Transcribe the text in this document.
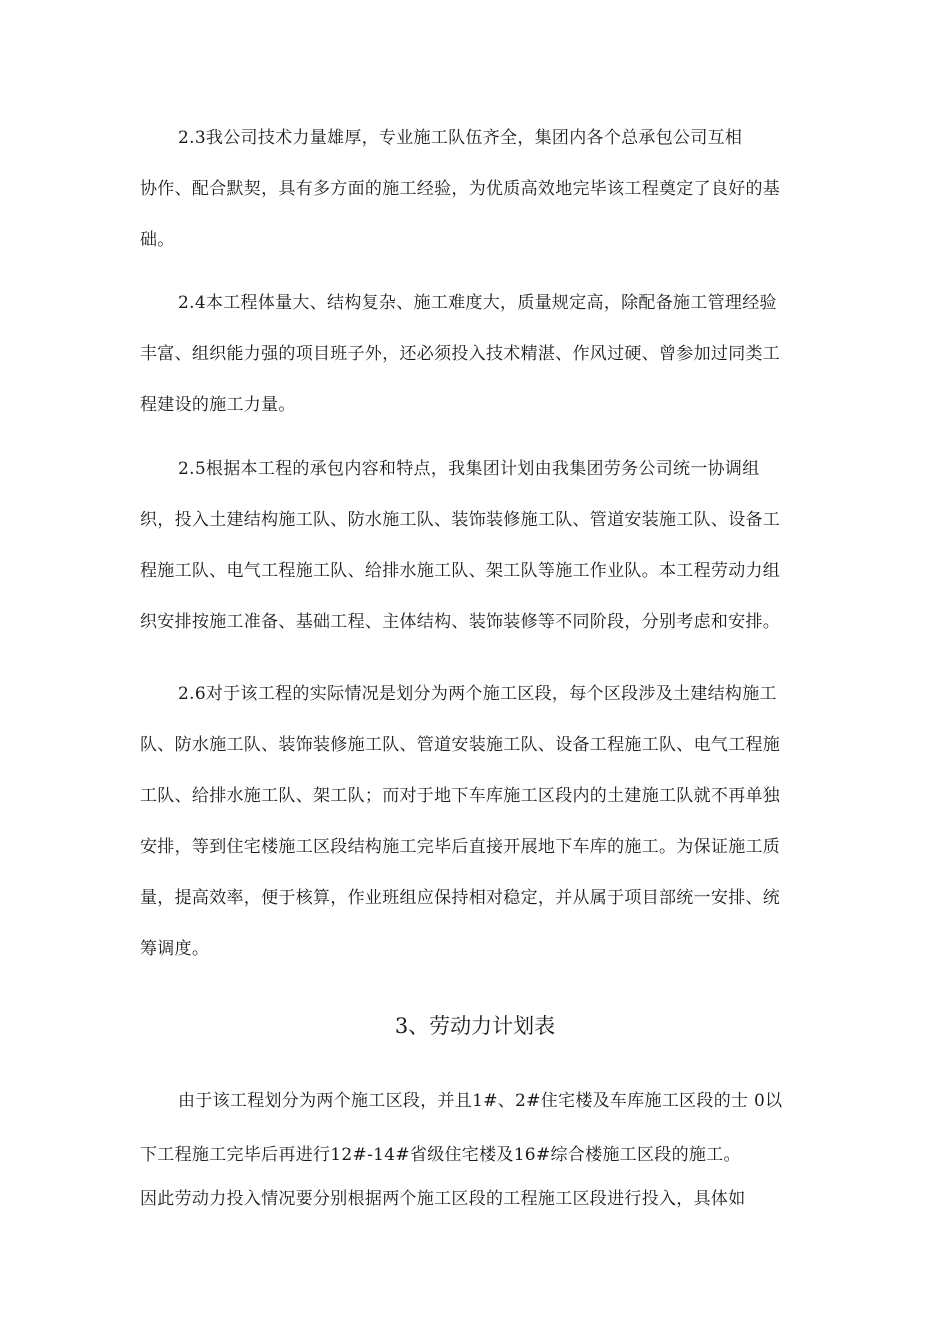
2.3我公司技术力量雄厚，专业施工队伍齐全，集团内各个总承包公司互相
协作、配合默契，具有多方面的施工经验，为优质高效地完毕该工程奠定了良好的基
础。
2.4本工程体量大、结构复杂、施工难度大，质量规定高，除配备施工管理经验
丰富、组织能力强的项目班子外，还必须投入技术精湛、作风过硬、曾参加过同类工
程建设的施工力量。
2.5根据本工程的承包内容和特点，我集团计划由我集团劳务公司统一协调组
织，投入土建结构施工队、防水施工队、装饰装修施工队、管道安装施工队、设备工
程施工队、电气工程施工队、给排水施工队、架工队等施工作业队。本工程劳动力组
织安排按施工准备、基础工程、主体结构、装饰装修等不同阶段，分别考虑和安排。
2.6对于该工程的实际情况是划分为两个施工区段，每个区段涉及土建结构施工
队、防水施工队、装饰装修施工队、管道安装施工队、设备工程施工队、电气工程施
工队、给排水施工队、架工队；而对于地下车库施工区段内的土建施工队就不再单独
安排，等到住宅楼施工区段结构施工完毕后直接开展地下车库的施工。为保证施工质
量，提高效率，便于核算，作业班组应保持相对稳定，并从属于项目部统一安排、统
筹调度。
3、劳动力计划表
由于该工程划分为两个施工区段，并且1#、2#住宅楼及车库施工区段的士 0以
下工程施工完毕后再进行12#-14#省级住宅楼及16#综合楼施工区段的施工。
因此劳动力投入情况要分别根据两个施工区段的工程施工区段进行投入，具体如
